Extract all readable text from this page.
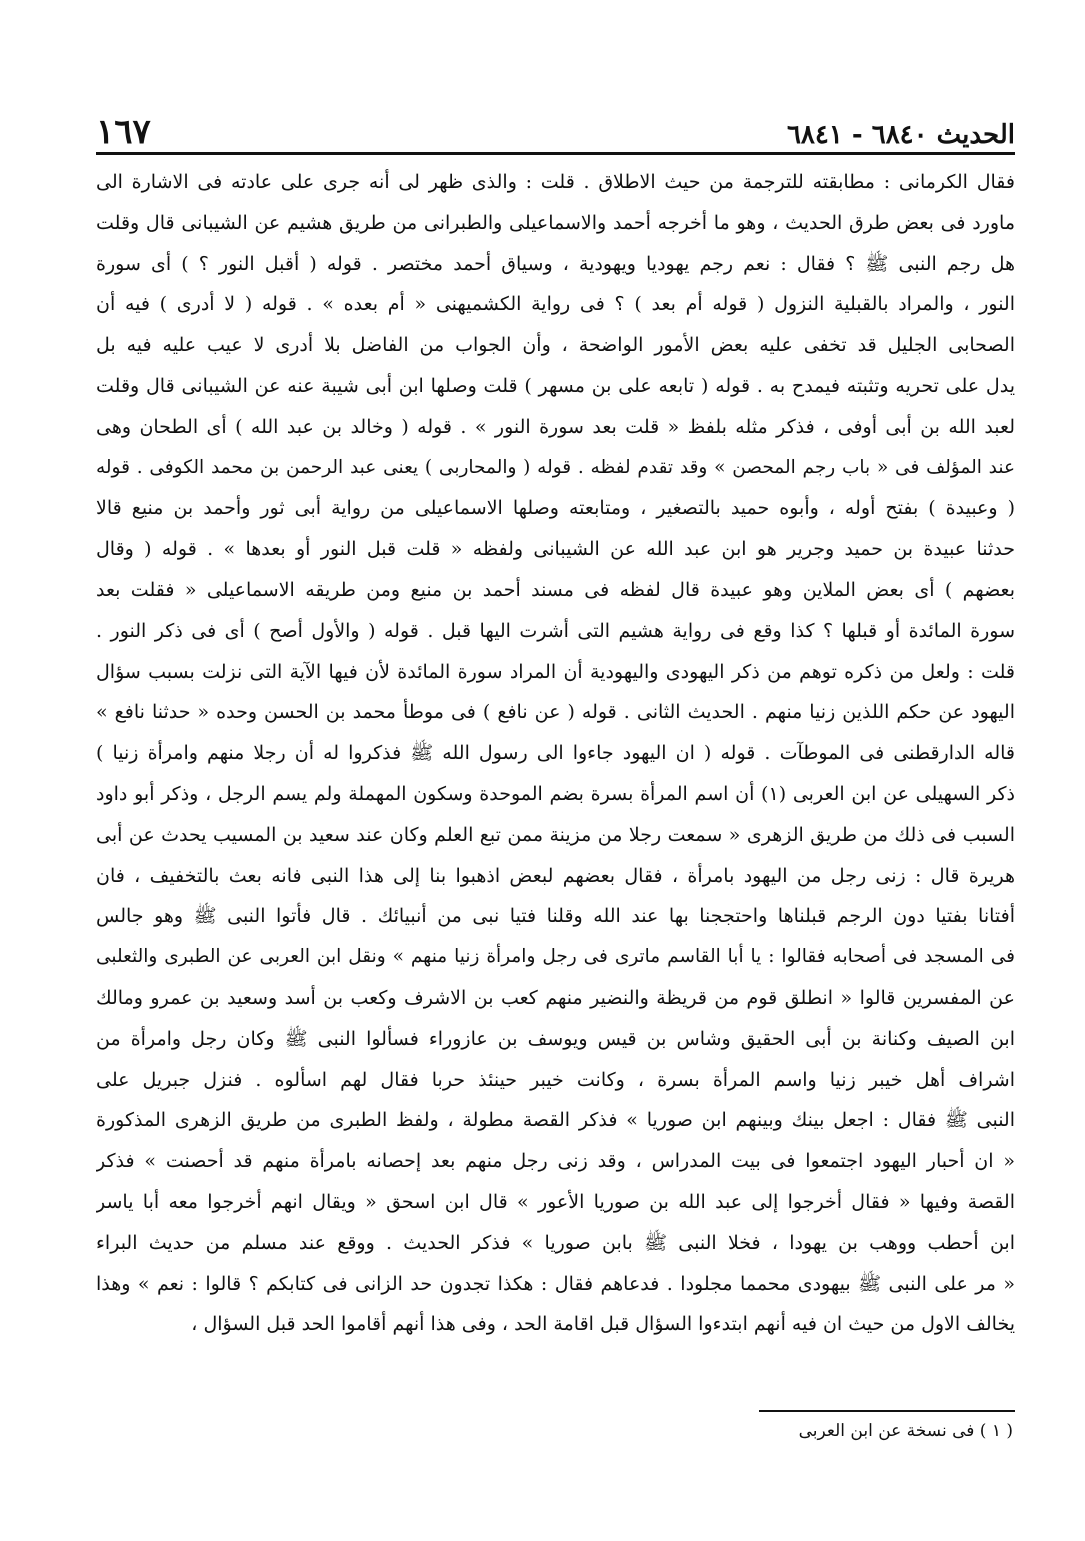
الحديث ٦٨٤٠ - ٦٨٤١
١٦٧
فقال الكرمانى : مطابقته للترجمة من حيث الاطلاق . قلت : والذى ظهر لى أنه جرى على عادته فى الاشارة الى
ماورد فى بعض طرق الحديث ، وهو ما أخرجه أحمد والاسماعيلى والطبرانى من طريق هشيم عن الشيبانى قال وقلت
هل رجم النبى ﷺ ؟ فقال : نعم رجم يهوديا ويهودية ، وسياق أحمد مختصر . قوله ( أقبل النور ؟ ) أى سورة
النور ، والمراد بالقبلية النزول ( قوله أم بعد ) ؟ فى رواية الكشميهنى « أم بعده » . قوله ( لا أدرى ) فيه أن
الصحابى الجليل قد تخفى عليه بعض الأمور الواضحة ، وأن الجواب من الفاضل بلا أدرى لا عيب عليه فيه بل
يدل على تحريه وتثبته فيمدح به . قوله ( تابعه على بن مسهر ) قلت وصلها ابن أبى شيبة عنه عن الشيبانى قال وقلت
لعبد الله بن أبى أوفى ، فذكر مثله بلفظ « قلت بعد سورة النور » . قوله ( وخالد بن عبد الله ) أى الطحان وهى
عند المؤلف فى « باب رجم المحصن » وقد تقدم لفظه . قوله ( والمحاربى ) يعنى عبد الرحمن بن محمد الكوفى . قوله
( وعبيدة ) بفتح أوله ، وأبوه حميد بالتصغير ، ومتابعته وصلها الاسماعيلى من رواية أبى ثور وأحمد بن منيع قالا
حدثنا عبيدة بن حميد وجرير هو ابن عبد الله عن الشيبانى ولفظه « قلت قبل النور أو بعدها » . قوله ( وقال
بعضهم ) أى بعض الملاين وهو عبيدة قال لفظه فى مسند أحمد بن منيع ومن طريقه الاسماعيلى « فقلت بعد
سورة المائدة أو قبلها ؟ كذا وقع فى رواية هشيم التى أشرت اليها قبل . قوله ( والأول أصح ) أى فى ذكر النور .
قلت : ولعل من ذكره توهم من ذكر اليهودى واليهودية أن المراد سورة المائدة لأن فيها الآية التى نزلت بسبب سؤال
اليهود عن حكم اللذين زنيا منهم . الحديث الثانى . قوله ( عن نافع ) فى موطأ محمد بن الحسن وحده « حدثنا نافع »
قاله الدارقطنى فى الموطآت . قوله ( ان اليهود جاءوا الى رسول الله ﷺ فذكروا له أن رجلا منهم وامرأة زنيا )
ذكر السهيلى عن ابن العربى (١) أن اسم المرأة بسرة بضم الموحدة وسكون المهملة ولم يسم الرجل ، وذكر أبو داود
السبب فى ذلك من طريق الزهرى « سمعت رجلا من مزينة ممن تبع العلم وكان عند سعيد بن المسيب يحدث عن أبى
هريرة قال : زنى رجل من اليهود بامرأة ، فقال بعضهم لبعض اذهبوا بنا إلى هذا النبى فانه بعث بالتخفيف ، فان
أفتانا بفتيا دون الرجم قبلناها واحتججنا بها عند الله وقلنا فتيا نبى من أنبيائك . قال فأتوا النبى ﷺ وهو جالس
فى المسجد فى أصحابه فقالوا : يا أبا القاسم ماترى فى رجل وامرأة زنيا منهم » ونقل ابن العربى عن الطبرى والثعلبى
عن المفسرين قالوا « انطلق قوم من قريظة والنضير منهم كعب بن الاشرف وكعب بن أسد وسعيد بن عمرو ومالك
ابن الصيف وكنانة بن أبى الحقيق وشاس بن قيس ويوسف بن عازوراء فسألوا النبى ﷺ وكان رجل وامرأة من
اشراف أهل خيبر زنيا واسم المرأة بسرة ، وكانت خيبر حينئذ حربا فقال لهم اسألوه . فنزل جبريل على
النبى ﷺ فقال : اجعل بينك وبينهم ابن صوريا » فذكر القصة مطولة ، ولفظ الطبرى من طريق الزهرى المذكورة
« ان أحبار اليهود اجتمعوا فى بيت المدراس ، وقد زنى رجل منهم بعد إحصانه بامرأة منهم قد أحصنت » فذكر
القصة وفيها « فقال أخرجوا إلى عبد الله بن صوريا الأعور » قال ابن اسحق « ويقال انهم أخرجوا معه أبا ياسر
ابن أحطب ووهب بن يهودا ، فخلا النبى ﷺ بابن صوريا » فذكر الحديث . ووقع عند مسلم من حديث البراء
« مر على النبى ﷺ بيهودى محمما مجلودا . فدعاهم فقال : هكذا تجدون حد الزانى فى كتابكم ؟ قالوا : نعم » وهذا
يخالف الاول من حيث ان فيه أنهم ابتدءوا السؤال قبل اقامة الحد ، وفى هذا أنهم أقاموا الحد قبل السؤال ،
( ١ ) فى نسخة عن ابن العربى
